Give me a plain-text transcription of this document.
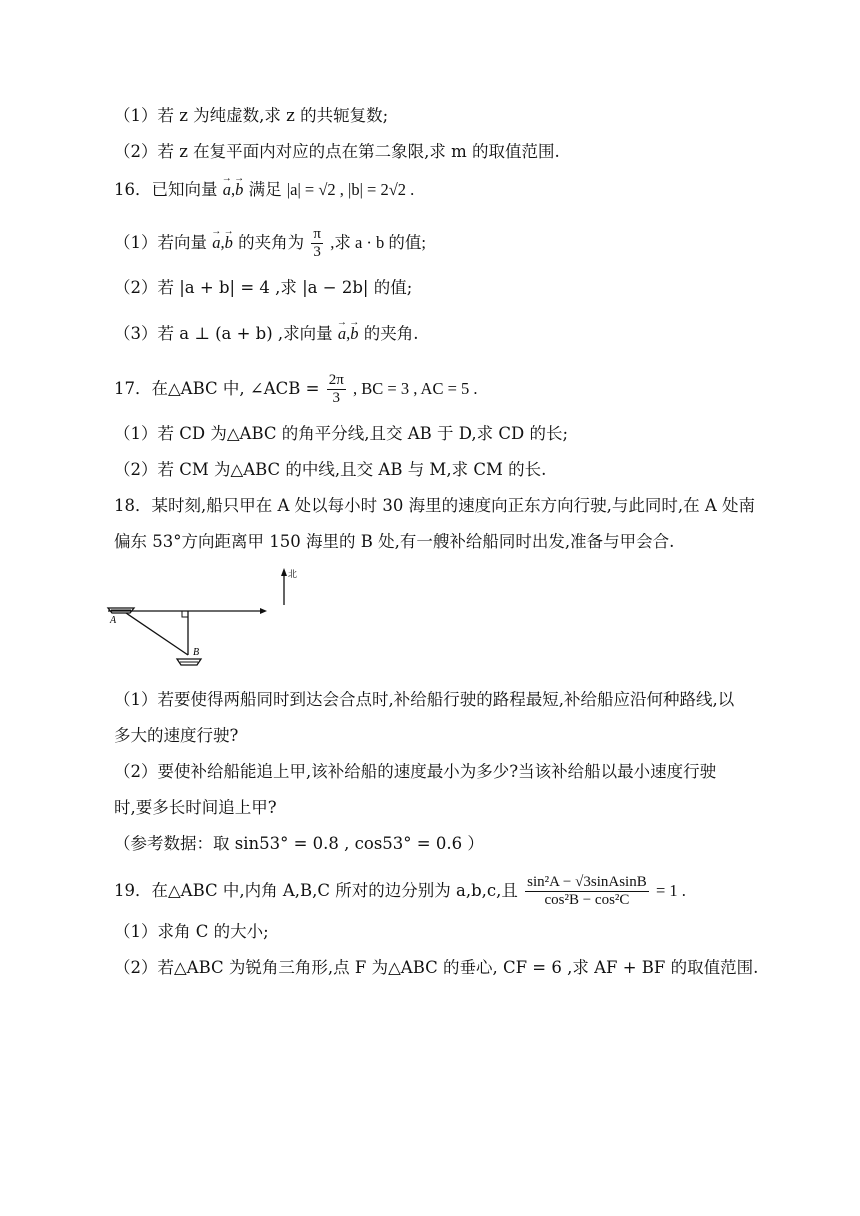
（1）若 z 为纯虚数,求 z 的共轭复数;
（2）若 z 在复平面内对应的点在第二象限,求 m 的取值范围.
16．已知向量 → a,→ b 满足 |a| = √2 , |b| = 2√2 .
（1）若向量 → a,→ b 的夹角为 $\frac{\pi}{3}$ ,求 a · b 的值;
（2）若 |a + b| = 4 ,求 |a − 2b| 的值;
（3）若 a ⊥ (a + b) ,求向量 → a,→ b 的夹角.
17．在△ABC 中, ∠ACB = $\frac{2\pi}{3}$ , BC = 3 , AC = 5 .
（1）若 CD 为△ABC 的角平分线,且交 AB 于 D,求 CD 的长;
（2）若 CM 为△ABC 的中线,且交 AB 与 M,求 CM 的长.
18．某时刻,船只甲在 A 处以每小时 30 海里的速度向正东方向行驶,与此同时,在 A 处南
偏东 53°方向距离甲 150 海里的 B 处,有一艘补给船同时出发,准备与甲会合.
北
A
B
（1）若要使得两船同时到达会合点时,补给船行驶的路程最短,补给船应沿何种路线,以
多大的速度行驶?
（2）要使补给船能追上甲,该补给船的速度最小为多少?当该补给船以最小速度行驶
时,要多长时间追上甲?
（参考数据：取 sin53° = 0.8 , cos53° = 0.6 ）
19．在△ABC 中,内角 A,B,C 所对的边分别为 a,b,c,且 $\frac{\text{sin²A − √3sinAsinB}}{\text{cos²B − cos²C}} = 1$ .
（1）求角 C 的大小;
（2）若△ABC 为锐角三角形,点 F 为△ABC 的垂心, CF = 6 ,求 AF + BF 的取值范围.
